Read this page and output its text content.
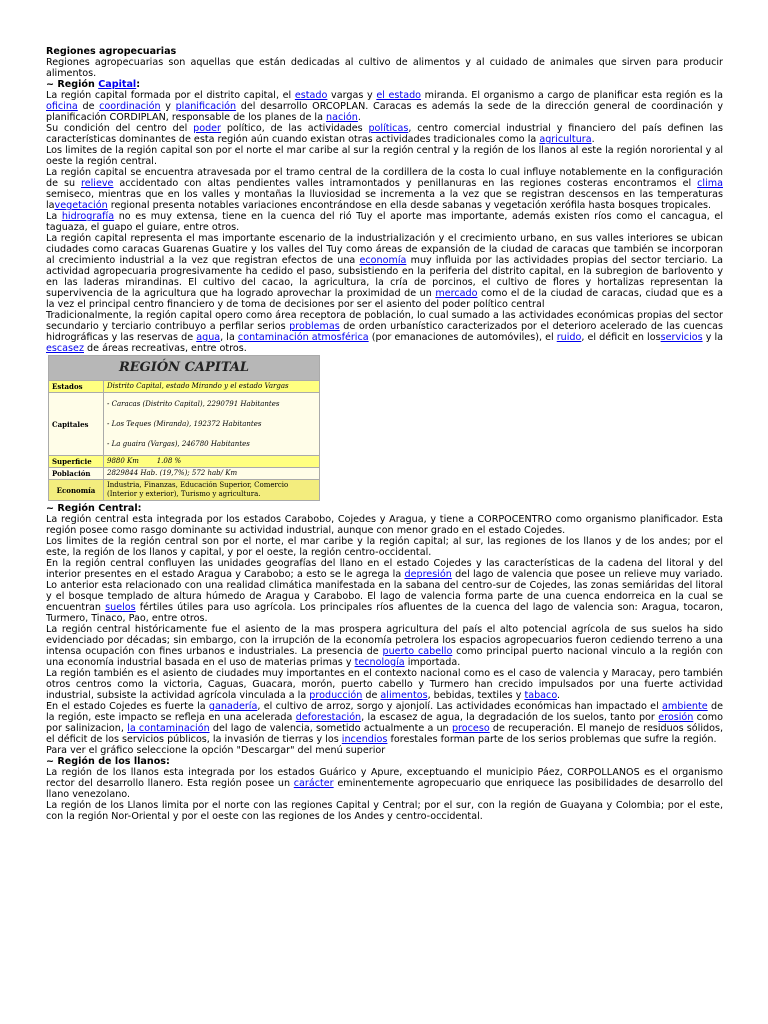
Regiones agropecuarias

Regiones agropecuarias son aquellas que están dedicadas al cultivo de alimentos y al cuidado de animales que sirven para producir alimentos.

~ Región Capital:

La región capital formada por el distrito capital, el estado vargas y el estado miranda. El organismo a cargo de planificar esta región es la oficina de coordinación y planificación del desarrollo ORCOPLAN. Caracas es además la sede de la dirección general de coordinación y planificación CORDIPLAN, responsable de los planes de la nación.

Su condición del centro del poder político, de las actividades políticas, centro comercial industrial y financiero del país definen las características dominantes de esta región aún cuando existan otras actividades tradicionales como la agricultura.

Los limites de la región capital son por el norte el mar caribe al sur la región central y la región de los llanos al este la región nororiental y al oeste la región central.

La región capital se encuentra atravesada por el tramo central de la cordillera de la costa lo cual influye notablemente en la configuración de su relieve accidentado con altas pendientes valles intramontados y penillanuras en las regiones costeras encontramos el clima semiseco, mientras que en los valles y montañas la lluviosidad se incrementa a la vez que se registran descensos en las temperaturas lavegetación regional presenta notables variaciones encontrándose en ella desde sabanas y vegetación xerófila hasta bosques tropicales.

La hidrografía no es muy extensa, tiene en la cuenca del rió Tuy el aporte mas importante, además existen ríos como el cancagua, el taguaza, el guapo el guiare, entre otros.

La región capital representa el mas importante escenario de la industrialización y el crecimiento urbano, en sus valles interiores se ubican ciudades como caracas Guarenas Guatire y los valles del Tuy como áreas de expansión de la ciudad de caracas que también se incorporan al crecimiento industrial a la vez que registran efectos de una economía muy influida por las actividades propias del sector terciario. La actividad agropecuaria progresivamente ha cedido el paso, subsistiendo en la periferia del distrito capital, en la subregion de barlovento y en las laderas mirandinas. El cultivo del cacao, la agricultura, la cría de porcinos, el cultivo de flores y hortalizas representan la supervivencia de la agricultura que ha logrado aprovechar la proximidad de un mercado como el de la ciudad de caracas, ciudad que es a la vez el principal centro financiero y de toma de decisiones por ser el asiento del poder político central

Tradicionalmente, la región capital opero como área receptora de población, lo cual sumado a las actividades económicas propias del sector secundario y terciario contribuyo a perfilar serios problemas de orden urbanístico caracterizados por el deterioro acelerado de las cuencas hidrográficas y las reservas de agua, la contaminación atmosférica (por emanaciones de automóviles), el ruido, el déficit en losservicios y la escasez de áreas recreativas, entre otros.

REGIÓN CAPITAL	
Estados	Distrito Capital, estado Mirando y el estado Vargas
Capitales	- Caracas (Distrito Capital), 2290791 Habitantes
- Los Teques (Miranda), 192372 Habitantes
- La guaira (Vargas), 246780 Habitantes

Superficie	9880 Km        1.08 %
Población	2829844 Hab. (19,7%); 572 hab/ Km
Economía	Industria, Finanzas, Educación Superior, Comercio (Interior y exterior), Turismo y agricultura.

~ Región Central:

La región central esta integrada por los estados Carabobo, Cojedes y Aragua, y tiene a CORPOCENTRO como organismo planificador. Esta región posee como rasgo dominante su actividad industrial, aunque con menor grado en el estado Cojedes.

Los limites de la región central son por el norte, el mar caribe y la región capital; al sur, las regiones de los llanos y de los andes; por el este, la región de los llanos y capital, y por el oeste, la región centro-occidental.

En la región central confluyen las unidades geografías del llano en el estado Cojedes y las características de la cadena del litoral y del interior presentes en el estado Aragua y Carabobo; a esto se le agrega la depresión del lago de valencia que posee un relieve muy variado. Lo anterior esta relacionado con una realidad climática manifestada en la sabana del centro-sur de Cojedes, las zonas semiáridas del litoral y el bosque templado de altura húmedo de Aragua y Carabobo. El lago de valencia forma parte de una cuenca endorreica en la cual se encuentran suelos fértiles útiles para uso agrícola. Los principales ríos afluentes de la cuenca del lago de valencia son: Aragua, tocaron, Turmero, Tinaco, Pao, entre otros.

La región central históricamente fue el asiento de la mas prospera agricultura del país el alto potencial agrícola de sus suelos ha sido evidenciado por décadas; sin embargo, con la irrupción de la economía petrolera los espacios agropecuarios fueron cediendo terreno a una intensa ocupación con fines urbanos e industriales. La presencia de puerto cabello como principal puerto nacional vinculo a la región con una economía industrial basada en el uso de materias primas y tecnología importada.

La región también es el asiento de ciudades muy importantes en el contexto nacional como es el caso de valencia y Maracay, pero también otros centros como la victoria, Caguas, Guacara, morón, puerto cabello y Turmero han crecido impulsados por una fuerte actividad industrial, subsiste la actividad agrícola vinculada a la producción de alimentos, bebidas, textiles y tabaco.

En el estado Cojedes es fuerte la ganadería, el cultivo de arroz, sorgo y ajonjolí. Las actividades económicas han impactado el ambiente de la región, este impacto se refleja en una acelerada deforestación, la escasez de agua, la degradación de los suelos, tanto por erosión como por salinizacion, la contaminación del lago de valencia, sometido actualmente a un proceso de recuperación. El manejo de residuos sólidos, el déficit de los servicios públicos, la invasión de tierras y los incendios forestales forman parte de los serios problemas que sufre la región.

Para ver el gráfico seleccione la opción "Descargar" del menú superior

~ Región de los llanos:

La región de los llanos esta integrada por los estados Guárico y Apure, exceptuando el municipio Páez, CORPOLLANOS es el organismo rector del desarrollo llanero. Esta región posee un carácter eminentemente agropecuario que enriquece las posibilidades de desarrollo del llano venezolano.

La región de los Llanos limita por el norte con las regiones Capital y Central; por el sur, con la región de Guayana y Colombia; por el este, con la región Nor-Oriental y por el oeste con las regiones de los Andes y centro-occidental.
